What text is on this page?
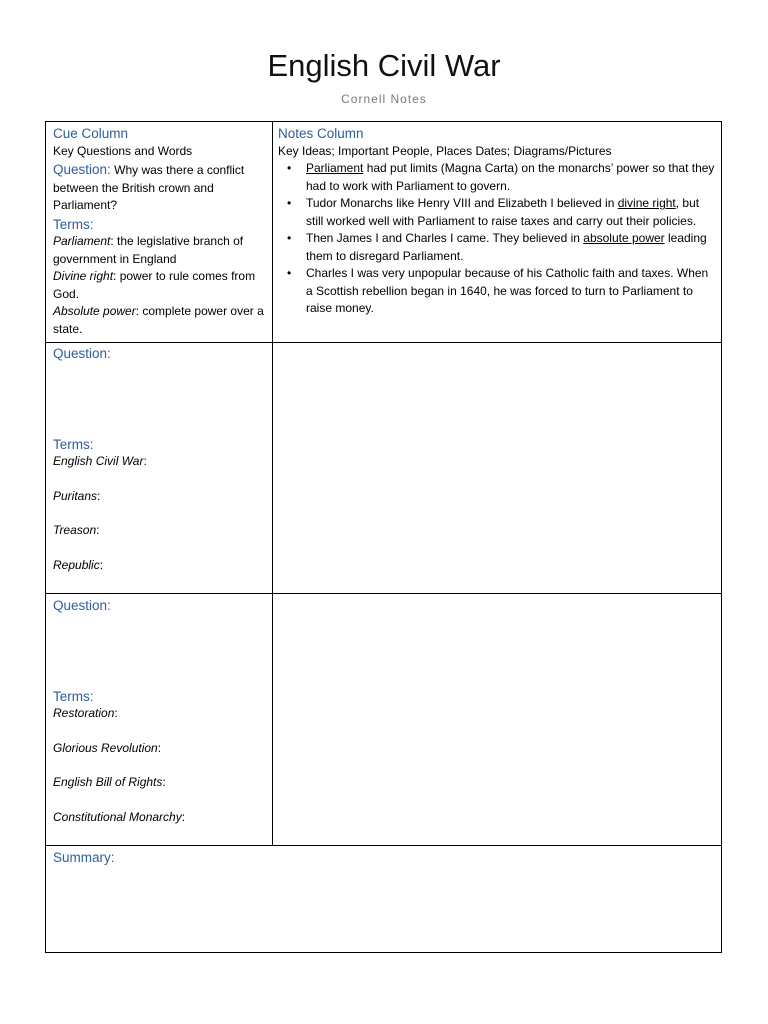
English Civil War
Cornell Notes
Cue Column
Key Questions and Words
Question: Why was there a conflict between the British crown and Parliament?
Terms:
Parliament: the legislative branch of government in England
Divine right: power to rule comes from God.
Absolute power: complete power over a state.
Notes Column
Key Ideas; Important People, Places Dates; Diagrams/Pictures
• Parliament had put limits (Magna Carta) on the monarchs’ power so that they had to work with Parliament to govern.
• Tudor Monarchs like Henry VIII and Elizabeth I believed in divine right, but still worked well with Parliament to raise taxes and carry out their policies.
• Then James I and Charles I came. They believed in absolute power leading them to disregard Parliament.
• Charles I was very unpopular because of his Catholic faith and taxes. When a Scottish rebellion began in 1640, he was forced to turn to Parliament to raise money.
Question:
Terms:
English Civil War:
Puritans:
Treason:
Republic:
Question:
Terms:
Restoration:
Glorious Revolution:
English Bill of Rights:
Constitutional Monarchy:
Summary:
